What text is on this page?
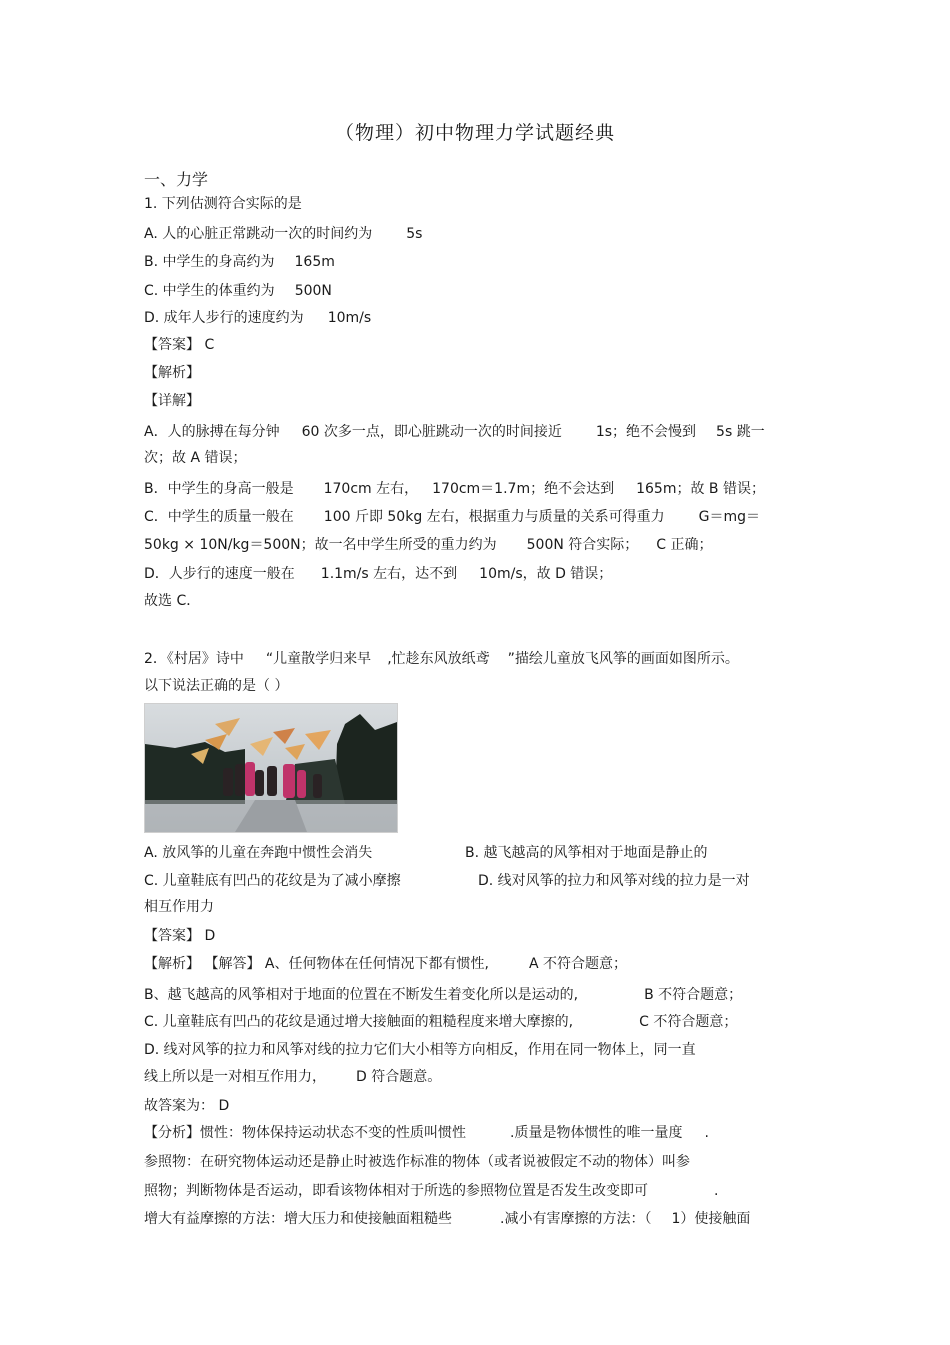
（物理）初中物理力学试题经典
一、力学
1. 下列估测符合实际的是
A. 人的心脏正常跳动一次的时间约为 5s
B. 中学生的身高约为 165m
C. 中学生的体重约为 500N
D. 成年人步行的速度约为 10m/s
【答案】 C
【解析】
【详解】
A．人的脉搏在每分钟 60 次多一点，即心脏跳动一次的时间接近 1s；绝不会慢到 5s 跳一
次；故 A 错误；
B．中学生的身高一般是 170cm 左右， 170cm＝1.7m；绝不会达到 165m；故 B 错误；
C．中学生的质量一般在 100 斤即 50kg 左右，根据重力与质量的关系可得重力 G＝mg＝
50kg × 10N/kg＝500N；故一名中学生所受的重力约为 500N 符合实际； C 正确；
D．人步行的速度一般在 1.1m/s 左右，达不到 10m/s，故 D 错误；
故选 C．
2．《村居》诗中 “儿童散学归来早 ,忙趁东风放纸鸢 ”描绘儿童放飞风筝的画面如图所示。
以下说法正确的是（ ）
A. 放风筝的儿童在奔跑中惯性会消失	B. 越飞越高的风筝相对于地面是静止的
C. 儿童鞋底有凹凸的花纹是为了减小摩擦	D. 线对风筝的拉力和风筝对线的拉力是一对
相互作用力
【答案】 D
【解析】 【解答】 A、任何物体在任何情况下都有惯性,	A 不符合题意；
B、越飞越高的风筝相对于地面的位置在不断发生着变化所以是运动的,	B 不符合题意；
C. 儿童鞋底有凹凸的花纹是通过增大接触面的粗糙程度来增大摩擦的,	C 不符合题意；
D. 线对风筝的拉力和风筝对线的拉力它们大小相等方向相反，作用在同一物体上，同一直
线上所以是一对相互作用力， D 符合题意。
故答案为： D
【分析】惯性：物体保持运动状态不变的性质叫惯性	.质量是物体惯性的唯一量度 .
参照物：在研究物体运动还是静止时被选作标准的物体（或者说被假定不动的物体）叫参
照物；判断物体是否运动，即看该物体相对于所选的参照物位置是否发生改变即可	.
增大有益摩擦的方法：增大压力和使接触面粗糙些	.减小有害摩擦的方法：（ 1）使接触面
